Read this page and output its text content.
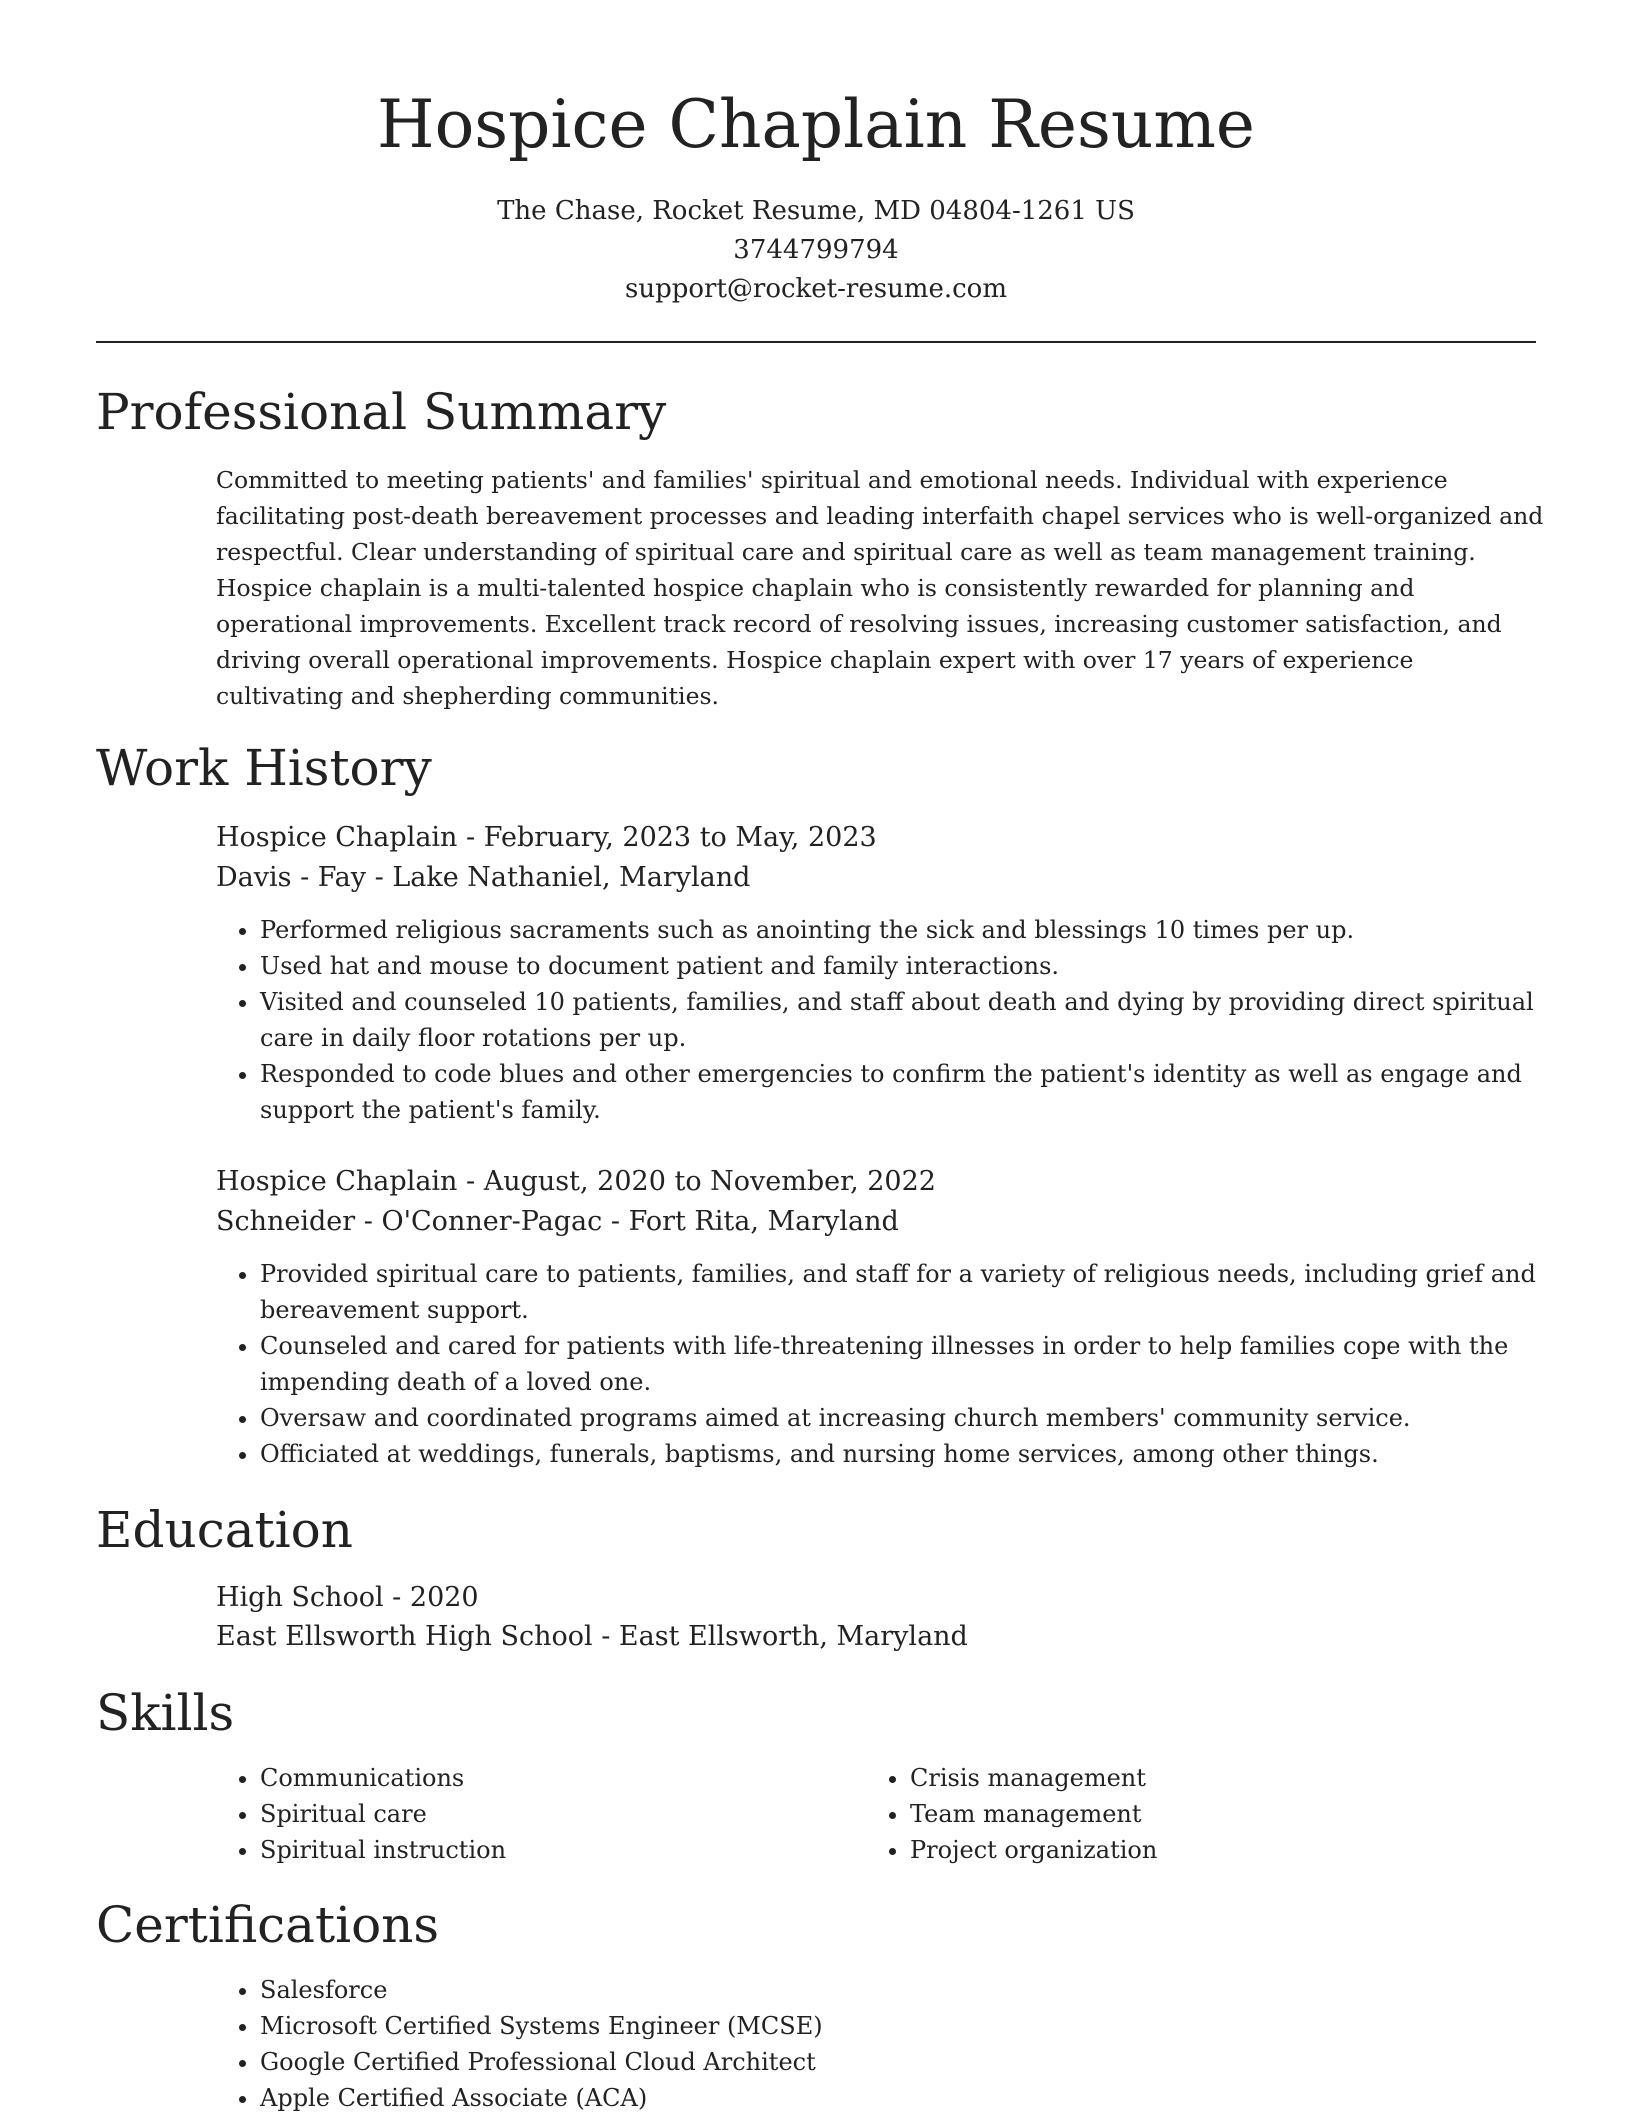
Hospice Chaplain Resume
The Chase, Rocket Resume, MD 04804-1261 US
3744799794
support@rocket-resume.com
Professional Summary

Committed to meeting patients' and families' spiritual and emotional needs. Individual with experience facilitating post-death bereavement processes and leading interfaith chapel services who is well-organized and respectful. Clear understanding of spiritual care and spiritual care as well as team management training. Hospice chaplain is a multi-talented hospice chaplain who is consistently rewarded for planning and operational improvements. Excellent track record of resolving issues, increasing customer satisfaction, and driving overall operational improvements. Hospice chaplain expert with over 17 years of experience cultivating and shepherding communities.

Work History
Hospice Chaplain - February, 2023 to May, 2023
Davis - Fay - Lake Nathaniel, Maryland
• Performed religious sacraments such as anointing the sick and blessings 10 times per up.
• Used hat and mouse to document patient and family interactions.
• Visited and counseled 10 patients, families, and staff about death and dying by providing direct spiritual care in daily floor rotations per up.
• Responded to code blues and other emergencies to confirm the patient's identity as well as engage and support the patient's family.
Hospice Chaplain - August, 2020 to November, 2022
Schneider - O'Conner-Pagac - Fort Rita, Maryland
• Provided spiritual care to patients, families, and staff for a variety of religious needs, including grief and bereavement support.
• Counseled and cared for patients with life-threatening illnesses in order to help families cope with the impending death of a loved one.
• Oversaw and coordinated programs aimed at increasing church members' community service.
• Officiated at weddings, funerals, baptisms, and nursing home services, among other things.
Education
High School - 2020
East Ellsworth High School - East Ellsworth, Maryland
Skills
• Communications
• Spiritual care
• Spiritual instruction
• Crisis management
• Team management
• Project organization
Certifications
• Salesforce
• Microsoft Certified Systems Engineer (MCSE)
• Google Certified Professional Cloud Architect
• Apple Certified Associate (ACA)
